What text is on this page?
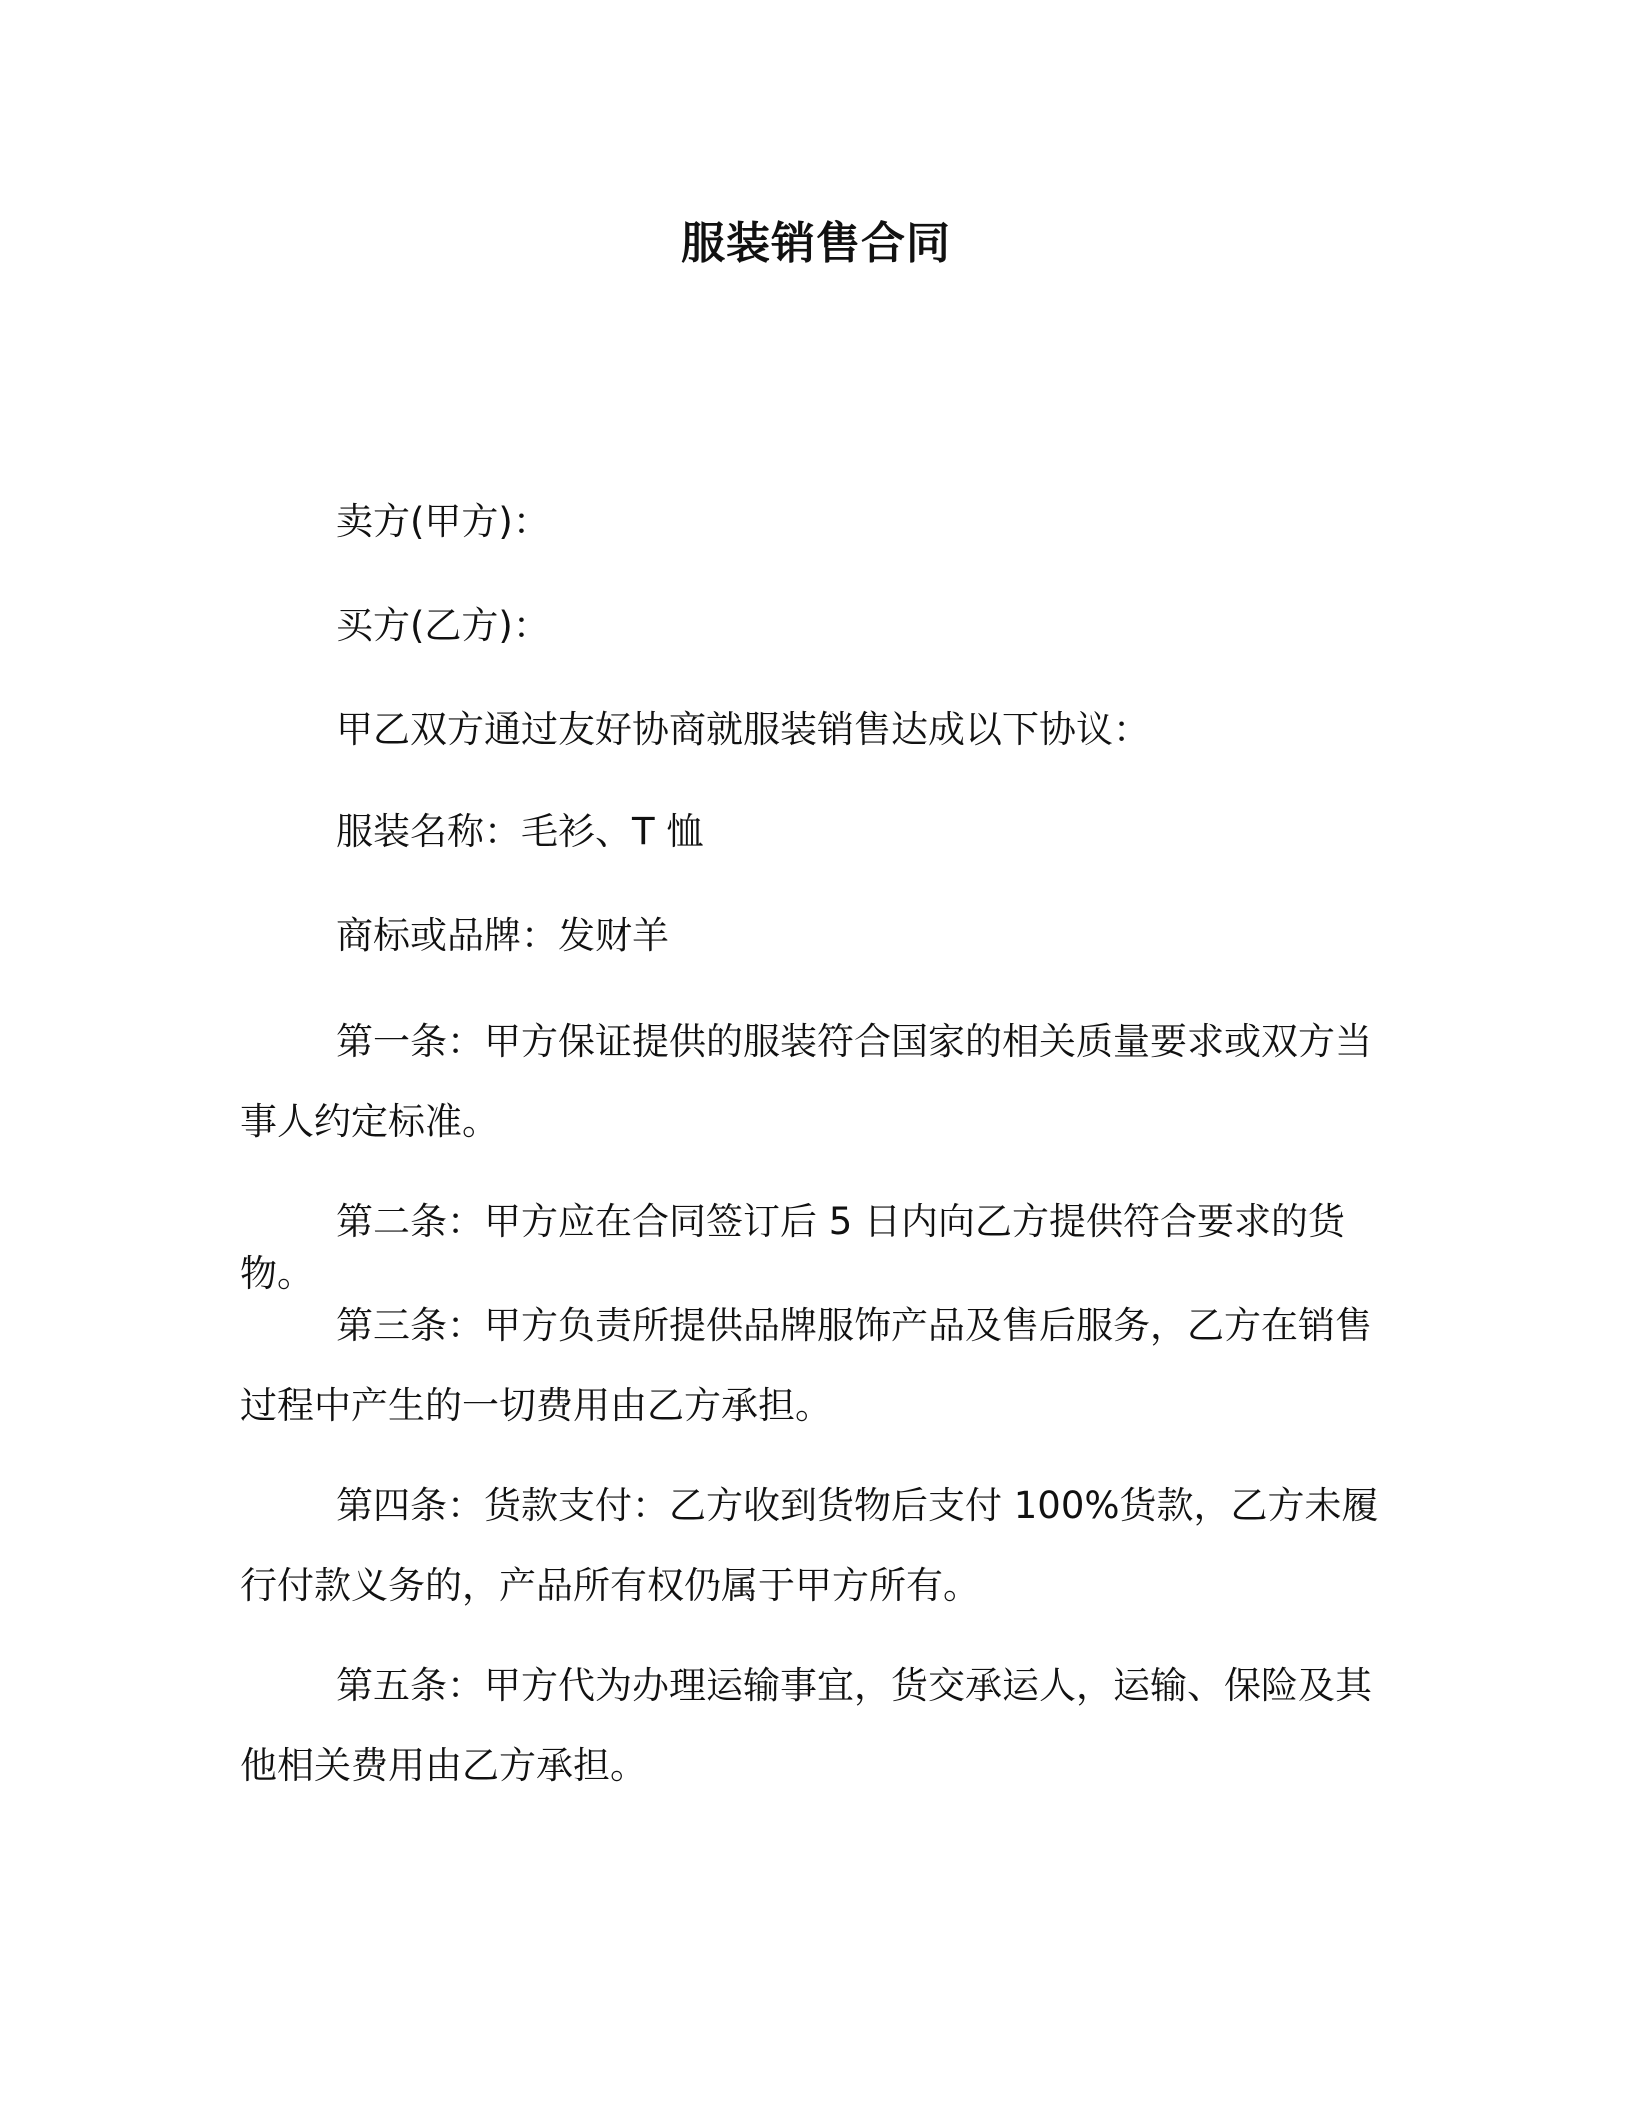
服装销售合同
卖方(甲方)：
买方(乙方)：
甲乙双方通过友好协商就服装销售达成以下协议：
服装名称：毛衫、T 恤
商标或品牌：发财羊
第一条：甲方保证提供的服装符合国家的相关质量要求或双方当
事人约定标准。
第二条：甲方应在合同签订后 5 日内向乙方提供符合要求的货物。
第三条：甲方负责所提供品牌服饰产品及售后服务，乙方在销售
过程中产生的一切费用由乙方承担。
第四条：货款支付：乙方收到货物后支付 100%货款，乙方未履
行付款义务的，产品所有权仍属于甲方所有。
第五条：甲方代为办理运输事宜，货交承运人，运输、保险及其
他相关费用由乙方承担。
